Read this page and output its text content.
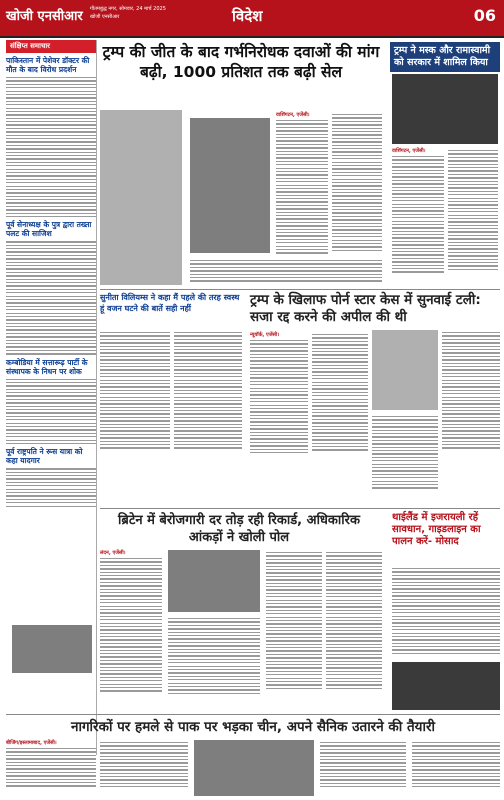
खोजी एनसीआर गौतमबुद्ध नगर, सोमवार, 24 मार्च 2025
खोजी एनसीआर	विदेश	06
संक्षिप्त समाचार
पाकिस्तान में पेशेवर डॉक्टर की मौत के बाद विरोध प्रदर्शन
पूर्व सेनाध्यक्ष के पुत्र द्वारा तख्ता पलट की साजिश
कम्बोडिया में सत्तारूढ़ पार्टी के संस्थापक के निधन पर शोक
पूर्व राष्ट्रपति ने रूस यात्रा को कहा यादगार
ट्रम्प की जीत के बाद गर्भनिरोधक दवाओं की मांग बढ़ी, 1000 प्रतिशत तक बढ़ी सेल
वाशिंगटन, एजेंसी।
ट्रम्प ने मस्क और रामास्वामी को सरकार में शामिल किया
वाशिंगटन, एजेंसी।
सुनीता विलियम्स ने कहा मैं पहले की तरह स्वस्थ हूं वजन घटने की बातें सही नहीं
ट्रम्प के खिलाफ पोर्न स्टार केस में सुनवाई टली: सजा रद्द करने की अपील की थी
न्यूयॉर्क, एजेंसी।
ब्रिटेन में बेरोजगारी दर तोड़ रही रिकार्ड, अधिकारिक आंकड़ों ने खोली पोल
लंदन, एजेंसी।
थाईलैंड में इजरायली रहें सावधान, गाइडलाइन का पालन करें- मोसाद
नागरिकों पर हमले से पाक पर भड़का चीन, अपने सैनिक उतारने की तैयारी
बीजिंग/इस्लामाबाद, एजेंसी।
